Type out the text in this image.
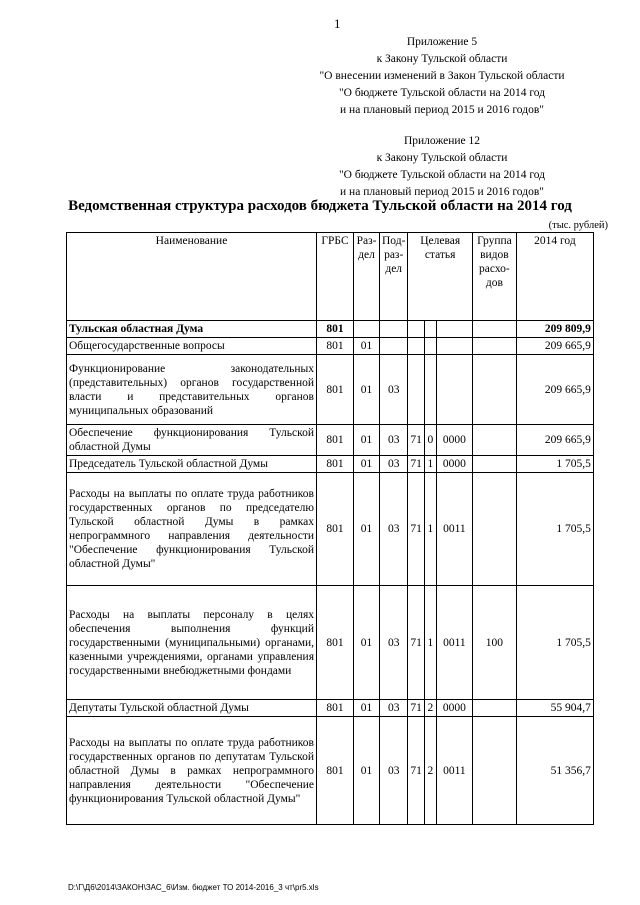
1
Приложение 5
к Закону Тульской области
"О внесении изменений в Закон Тульской области
"О бюджете Тульской области на 2014 год
и на плановый период 2015 и 2016 годов"
Приложение 12
к Закону Тульской области
"О бюджете Тульской области на 2014 год
и на плановый период 2015 и 2016 годов"
Ведомственная структура расходов бюджета Тульской области на 2014 год
(тыс. рублей)
Наименование	ГРБС	Раз-дел	Под-раз-дел	Целевая статья			Группа видов расхо-дов	2014 год
Тульская областная Дума	801							209 809,9
Общегосударственные вопросы	801	01						209 665,9
Функционирование законодательных (представительных) органов государственной власти и представительных органов муниципальных образований	801	01	03					209 665,9
Обеспечение функционирования Тульской областной Думы	801	01	03	71	0	0000		209 665,9
Председатель Тульской областной Думы	801	01	03	71	1	0000		1 705,5
Расходы на выплаты по оплате труда работников государственных органов по председателю Тульской областной Думы в рамках непрограммного направления деятельности "Обеспечение функционирования Тульской областной Думы"	801	01	03	71	1	0011		1 705,5
Расходы на выплаты персоналу в целях обеспечения выполнения функций государственными (муниципальными) органами, казенными учреждениями, органами управления государственными внебюджетными фондами	801	01	03	71	1	0011	100	1 705,5
Депутаты Тульской областной Думы	801	01	03	71	2	0000		55 904,7
Расходы на выплаты по оплате труда работников государственных органов по депутатам Тульской областной Думы в рамках непрограммного направления деятельности "Обеспечение функционирования Тульской областной Думы"	801	01	03	71	2	0011		51 356,7
D:\Г\Д6\2014\ЗАКОН\ЗАС_6\Изм. бюджет ТО 2014-2016_3 чт\pr5.xls
